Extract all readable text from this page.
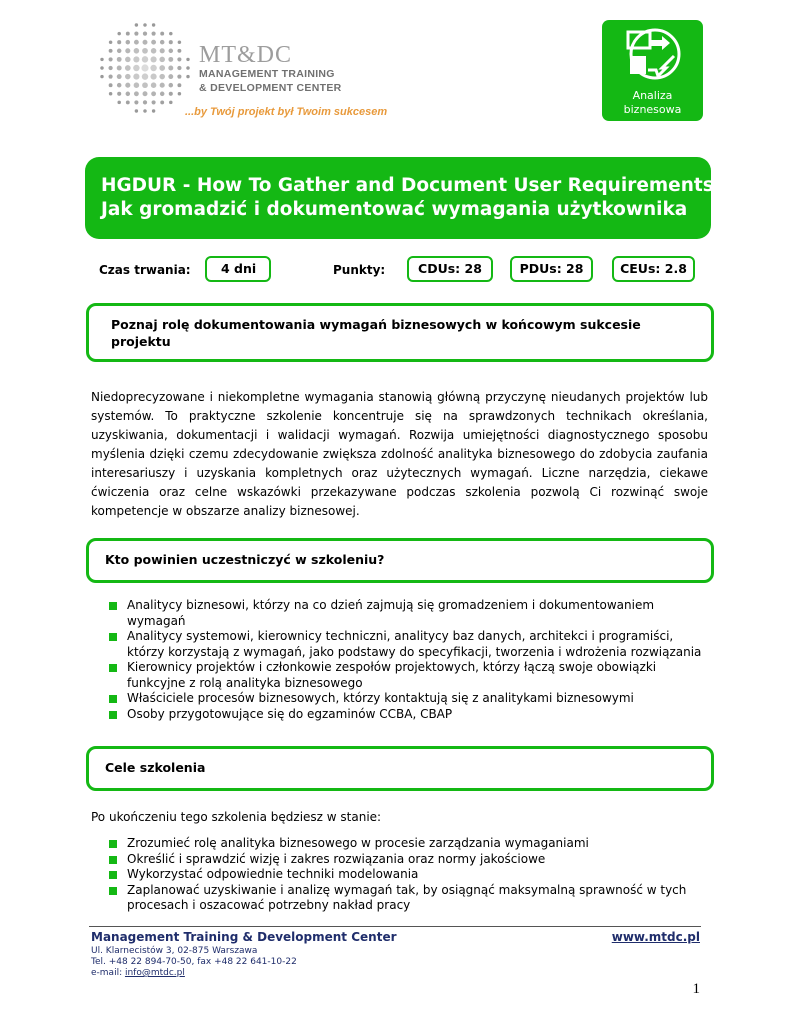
MT&DC
MANAGEMENT TRAINING
& DEVELOPMENT CENTER
...by Twój projekt był Twoim sukcesem
Analiza
biznesowa
HGDUR - How To Gather and Document User Requirements
Jak gromadzić i dokumentować wymagania użytkownika
Czas trwania:	4 dni	Punkty:	CDUs: 28	PDUs: 28	CEUs: 2.8
Poznaj rolę dokumentowania wymagań biznesowych w końcowym sukcesie projektu
Niedoprecyzowane i niekompletne wymagania stanowią główną przyczynę nieudanych projektów lub systemów. To praktyczne szkolenie koncentruje się na sprawdzonych technikach określania, uzyskiwania, dokumentacji i walidacji wymagań. Rozwija umiejętności diagnostycznego sposobu myślenia dzięki czemu zdecydowanie zwiększa zdolność analityka biznesowego do zdobycia zaufania interesariuszy i uzyskania kompletnych oraz użytecznych wymagań. Liczne narzędzia, ciekawe ćwiczenia oraz celne wskazówki przekazywane podczas szkolenia pozwolą Ci rozwinąć swoje kompetencje w obszarze analizy biznesowej.
Kto powinien uczestniczyć w szkoleniu?
Analitycy biznesowi, którzy na co dzień zajmują się gromadzeniem i dokumentowaniem wymagań
Analitycy systemowi, kierownicy techniczni, analitycy baz danych, architekci i programiści, którzy korzystają z wymagań, jako podstawy do specyfikacji, tworzenia i wdrożenia rozwiązania
Kierownicy projektów i członkowie zespołów projektowych, którzy łączą swoje obowiązki funkcyjne z rolą analityka biznesowego
Właściciele procesów biznesowych, którzy kontaktują się z analitykami biznesowymi
Osoby przygotowujące się do egzaminów CCBA, CBAP
Cele szkolenia
Po ukończeniu tego szkolenia będziesz w stanie:
Zrozumieć rolę analityka biznesowego w procesie zarządzania wymaganiami
Określić i sprawdzić wizję i zakres rozwiązania oraz normy jakościowe
Wykorzystać odpowiednie techniki modelowania
Zaplanować uzyskiwanie i analizę wymagań tak, by osiągnąć maksymalną sprawność w tych procesach i oszacować potrzebny nakład pracy
Management Training & Development Center	www.mtdc.pl
Ul. Klarnecistów 3, 02-875 Warszawa
Tel. +48 22 894-70-50, fax +48 22 641-10-22
e-mail: info@mtdc.pl
1
